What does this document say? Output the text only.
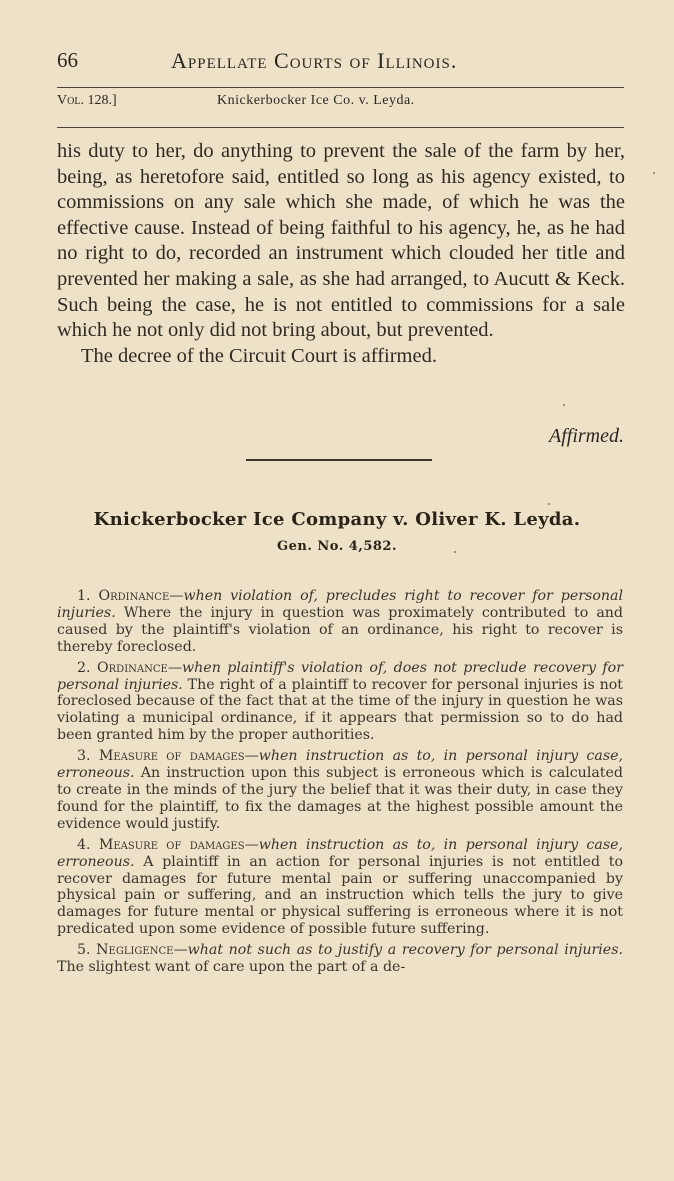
66	Appellate Courts of Illinois.
Vol. 128.]	Knickerbocker Ice Co. v. Leyda.

his duty to her, do anything to prevent the sale of the farm by her, being, as heretofore said, entitled so long as his agency existed, to commissions on any sale which she made, of which he was the effective cause. Instead of being faithful to his agency, he, as he had no right to do, recorded an instrument which clouded her title and prevented her making a sale, as she had arranged, to Aucutt & Keck. Such being the case, he is not entitled to commissions for a sale which he not only did not bring about, but prevented.

The decree of the Circuit Court is affirmed.

Affirmed.
Knickerbocker Ice Company v. Oliver K. Leyda.
Gen. No. 4,582.

1. Ordinance—when violation of, precludes right to recover for personal injuries. Where the injury in question was proximately contributed to and caused by the plaintiff's violation of an ordinance, his right to recover is thereby foreclosed.

2. Ordinance—when plaintiff's violation of, does not preclude recovery for personal injuries. The right of a plaintiff to recover for personal injuries is not foreclosed because of the fact that at the time of the injury in question he was violating a municipal ordinance, if it appears that permission so to do had been granted him by the proper authorities.

3. Measure of damages—when instruction as to, in personal injury case, erroneous. An instruction upon this subject is erroneous which is calculated to create in the minds of the jury the belief that it was their duty, in case they found for the plaintiff, to fix the damages at the highest possible amount the evidence would justify.

4. Measure of damages—when instruction as to, in personal injury case, erroneous. A plaintiff in an action for personal injuries is not entitled to recover damages for future mental pain or suffering unaccompanied by physical pain or suffering, and an instruction which tells the jury to give damages for future mental or physical suffering is erroneous where it is not predicated upon some evidence of possible future suffering.

5. Negligence—what not such as to justify a recovery for personal injuries. The slightest want of care upon the part of a de-
